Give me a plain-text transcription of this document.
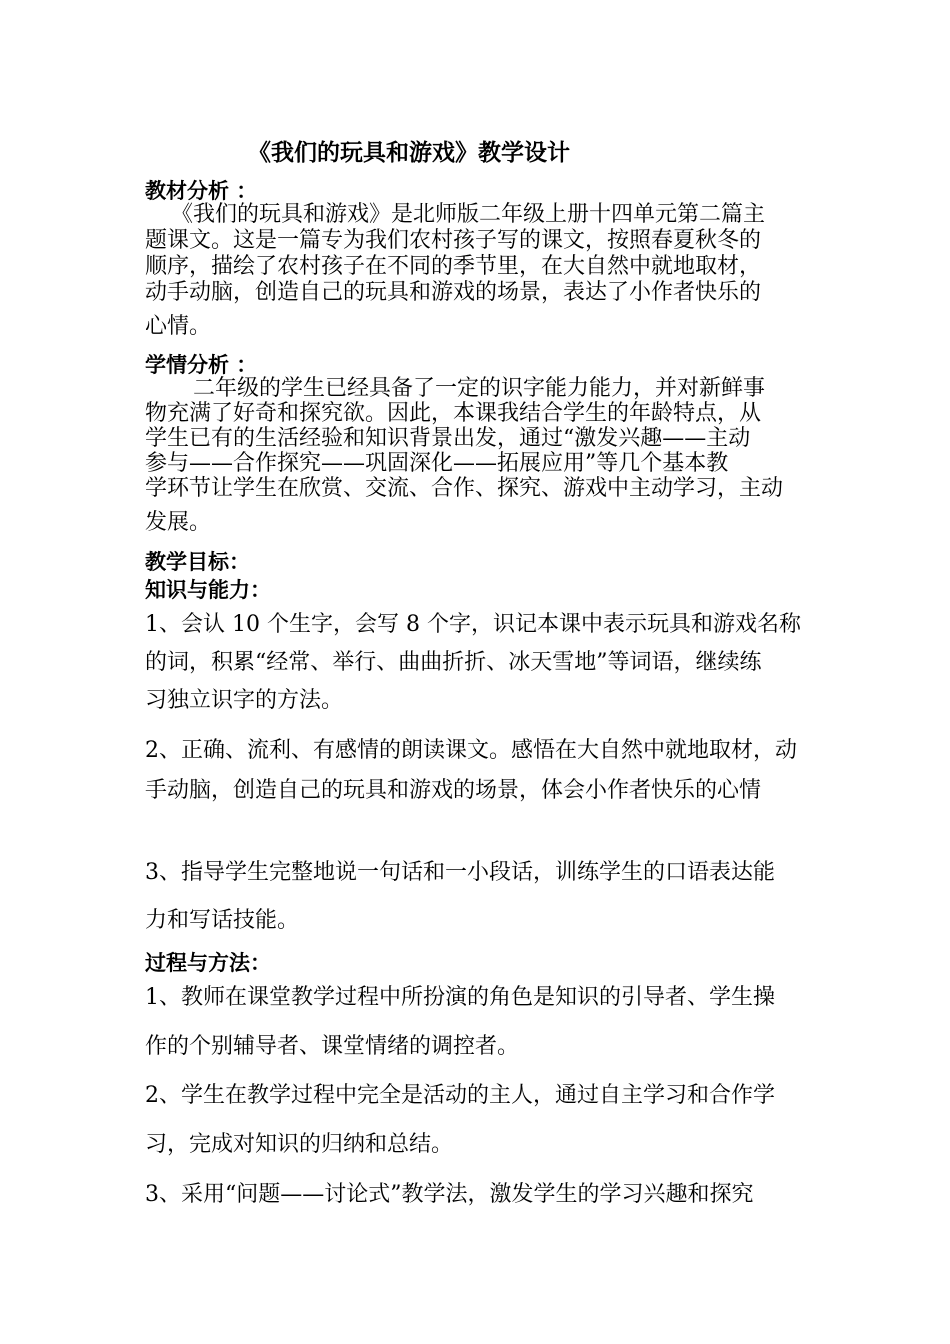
《我们的玩具和游戏》教学设计
教材分析 ：
《我们的玩具和游戏》是北师版二年级上册十四单元第二篇主
题课文。这是一篇专为我们农村孩子写的课文，按照春夏秋冬的
顺序，描绘了农村孩子在不同的季节里，在大自然中就地取材，
动手动脑，创造自己的玩具和游戏的场景，表达了小作者快乐的
心情。
学情分析 ：
二年级的学生已经具备了一定的识字能力能力，并对新鲜事
物充满了好奇和探究欲。因此，本课我结合学生的年龄特点，从
学生已有的生活经验和知识背景出发，通过“激发兴趣——主动
参与——合作探究——巩固深化——拓展应用”等几个基本教
学环节让学生在欣赏、交流、合作、探究、游戏中主动学习，主动
发展。
教学目标：
知识与能力：
1、会认 10 个生字，会写 8 个字，识记本课中表示玩具和游戏名称
的词，积累“经常、举行、曲曲折折、冰天雪地”等词语，继续练
习独立识字的方法。
2、正确、流利、有感情的朗读课文。感悟在大自然中就地取材，动
手动脑，创造自己的玩具和游戏的场景，体会小作者快乐的心情
3、指导学生完整地说一句话和一小段话，训练学生的口语表达能
力和写话技能。
过程与方法：
1、教师在课堂教学过程中所扮演的角色是知识的引导者、学生操
作的个别辅导者、课堂情绪的调控者。
2、学生在教学过程中完全是活动的主人，通过自主学习和合作学
习，完成对知识的归纳和总结。
3、采用“问题——讨论式”教学法，激发学生的学习兴趣和探究
